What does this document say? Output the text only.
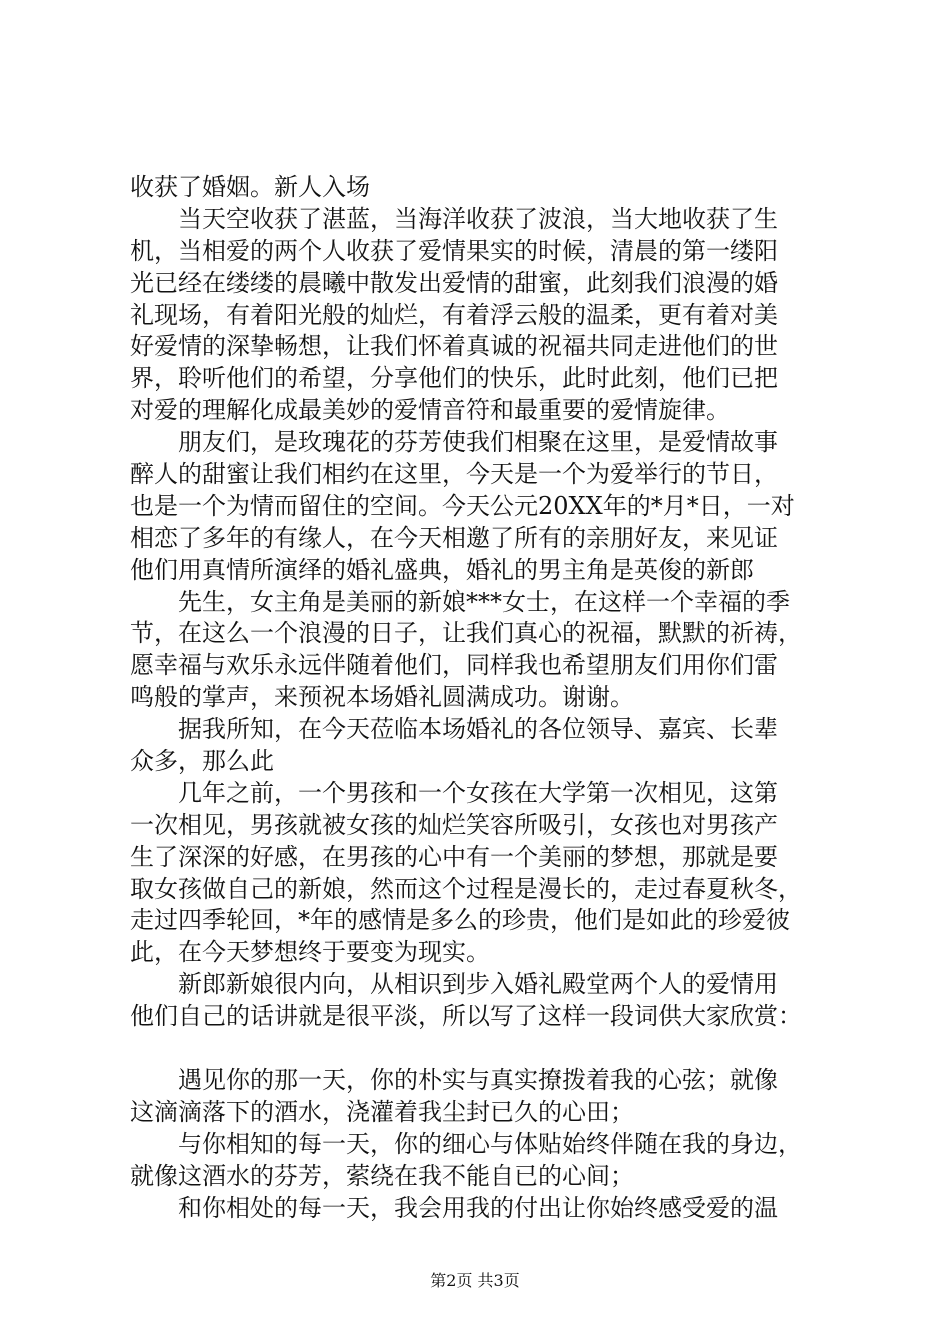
收获了婚姻。新人入场
当天空收获了湛蓝，当海洋收获了波浪，当大地收获了生
机，当相爱的两个人收获了爱情果实的时候，清晨的第一缕阳
光已经在缕缕的晨曦中散发出爱情的甜蜜，此刻我们浪漫的婚
礼现场，有着阳光般的灿烂，有着浮云般的温柔，更有着对美
好爱情的深挚畅想，让我们怀着真诚的祝福共同走进他们的世
界，聆听他们的希望，分享他们的快乐，此时此刻，他们已把
对爱的理解化成最美妙的爱情音符和最重要的爱情旋律。
朋友们，是玫瑰花的芬芳使我们相聚在这里，是爱情故事
醉人的甜蜜让我们相约在这里，今天是一个为爱举行的节日，
也是一个为情而留住的空间。今天公元20XX年的*月*日，一对
相恋了多年的有缘人，在今天相邀了所有的亲朋好友，来见证
他们用真情所演绎的婚礼盛典，婚礼的男主角是英俊的新郎
先生，女主角是美丽的新娘***女士，在这样一个幸福的季
节，在这么一个浪漫的日子，让我们真心的祝福，默默的祈祷，
愿幸福与欢乐永远伴随着他们，同样我也希望朋友们用你们雷
鸣般的掌声，来预祝本场婚礼圆满成功。谢谢。
据我所知，在今天莅临本场婚礼的各位领导、嘉宾、长辈
众多，那么此
几年之前，一个男孩和一个女孩在大学第一次相见，这第
一次相见，男孩就被女孩的灿烂笑容所吸引，女孩也对男孩产
生了深深的好感，在男孩的心中有一个美丽的梦想，那就是要
取女孩做自己的新娘，然而这个过程是漫长的，走过春夏秋冬，
走过四季轮回，*年的感情是多么的珍贵，他们是如此的珍爱彼
此，在今天梦想终于要变为现实。
新郎新娘很内向，从相识到步入婚礼殿堂两个人的爱情用
他们自己的话讲就是很平淡，所以写了这样一段词供大家欣赏：
遇见你的那一天，你的朴实与真实撩拨着我的心弦；就像
这滴滴落下的酒水，浇灌着我尘封已久的心田；
与你相知的每一天，你的细心与体贴始终伴随在我的身边，
就像这酒水的芬芳，萦绕在我不能自已的心间；
和你相处的每一天，我会用我的付出让你始终感受爱的温
第2页 共3页
